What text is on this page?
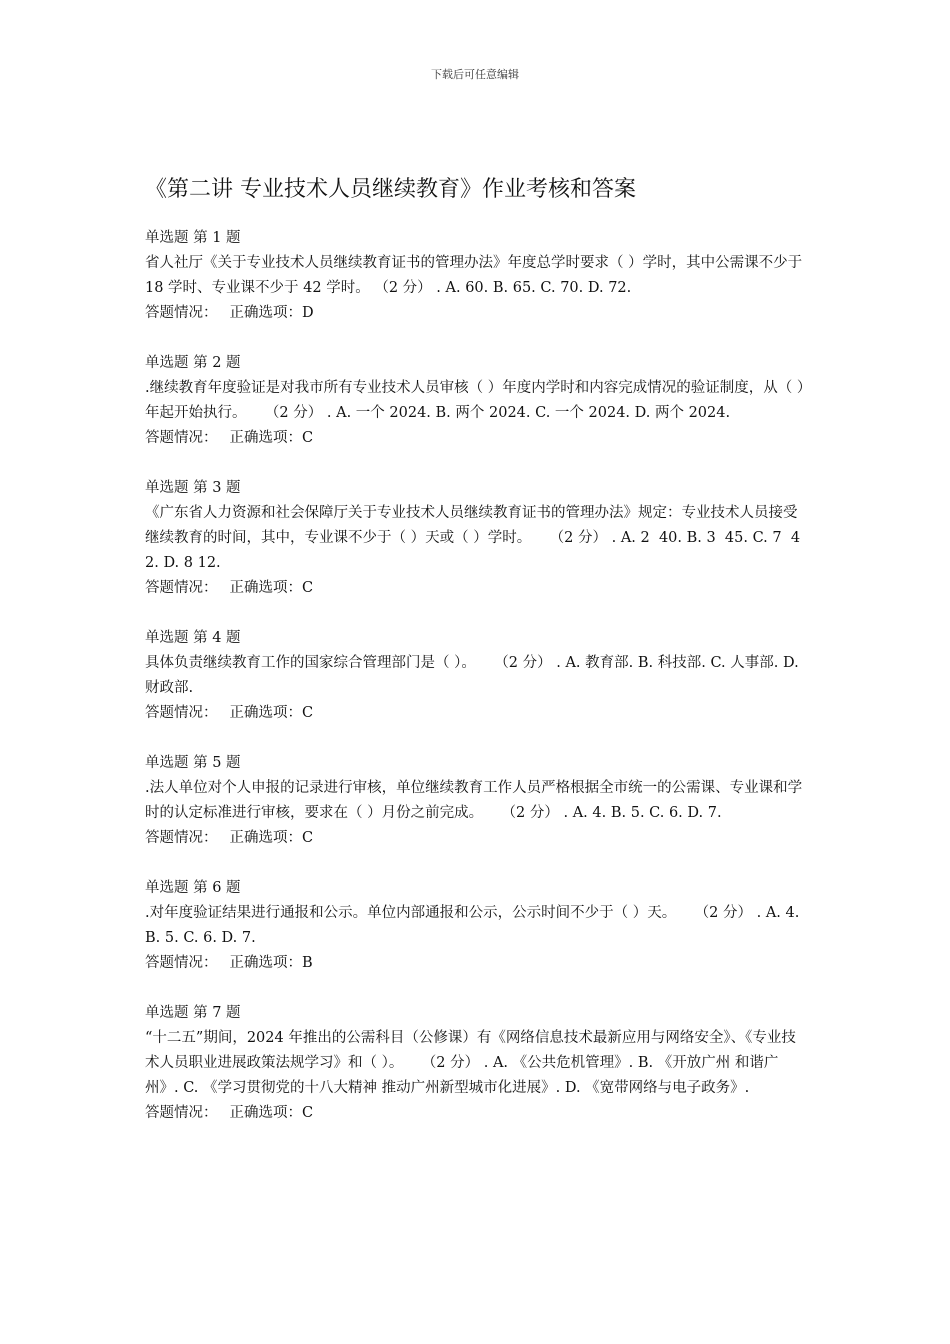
下载后可任意编辑
《第二讲 专业技术人员继续教育》作业考核和答案
单选题 第 1 题
省人社厅《关于专业技术人员继续教育证书的管理办法》年度总学时要求（ ）学时，其中公需课不少于 18 学时、专业课不少于 42 学时。 （2 分） . A. 60. B. 65. C. 70. D. 72.
答题情况： 正确选项：D
单选题 第 2 题
.继续教育年度验证是对我市所有专业技术人员审核（ ）年度内学时和内容完成情况的验证制度，从（ ）年起开始执行。    （2 分） . A. 一个 2024. B. 两个 2024. C. 一个 2024. D. 两个 2024.
答题情况： 正确选项：C
单选题 第 3 题
《广东省人力资源和社会保障厅关于专业技术人员继续教育证书的管理办法》规定：专业技术人员接受继续教育的时间，其中，专业课不少于（ ）天或（ ）学时。    （2 分） . A. 2  40. B. 3  45. C. 7  42. D. 8 12.
答题情况： 正确选项：C
单选题 第 4 题
具体负责继续教育工作的国家综合管理部门是（ ）。    （2 分） . A. 教育部. B. 科技部. C. 人事部. D. 财政部.
答题情况： 正确选项：C
单选题 第 5 题
.法人单位对个人申报的记录进行审核，单位继续教育工作人员严格根据全市统一的公需课、专业课和学时的认定标准进行审核，要求在（ ）月份之前完成。    （2 分） . A. 4. B. 5. C. 6. D. 7.
答题情况： 正确选项：C
单选题 第 6 题
.对年度验证结果进行通报和公示。单位内部通报和公示，公示时间不少于（ ）天。    （2 分） . A. 4. B. 5. C. 6. D. 7.
答题情况： 正确选项：B
单选题 第 7 题
“十二五”期间，2024 年推出的公需科目（公修课）有《网络信息技术最新应用与网络安全》、《专业技术人员职业进展政策法规学习》和（ ）。    （2 分） . A. 《公共危机管理》. B. 《开放广州 和谐广州》. C. 《学习贯彻党的十八大精神 推动广州新型城市化进展》. D. 《宽带网络与电子政务》.
答题情况： 正确选项：C
